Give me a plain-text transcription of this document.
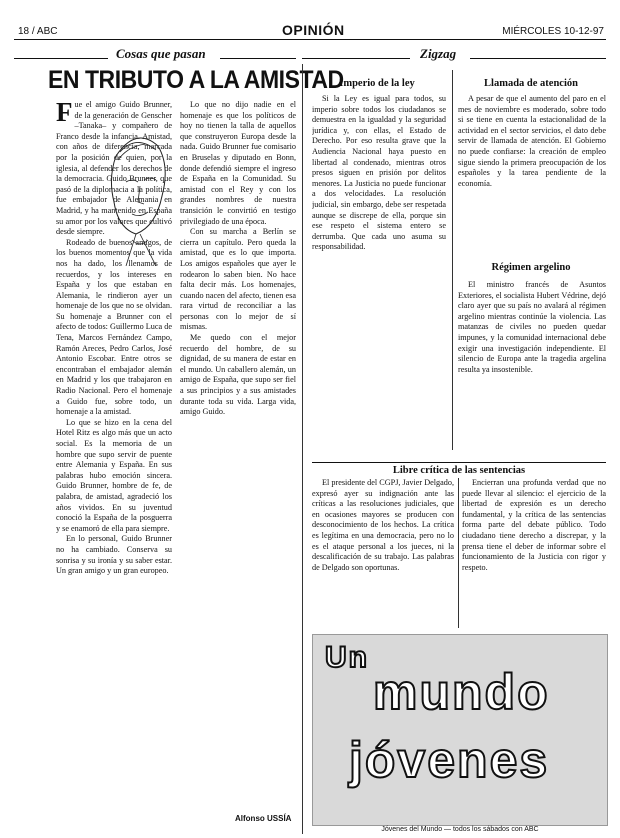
18 / ABC	OPINIÓN	MIÉRCOLES 10-12-97
Cosas que pasan
EN TRIBUTO A LA AMISTAD

Fue el amigo Guido Brunner, de la generación de Genscher –Tanaka– y compañero de Franco desde la infancia. Amistad, con años de diferencia, marcada por la posición de quien, por la iglesia, al defender los derechos de la democracia. Guido Brunner, que pasó de la diplomacia a la política, fue embajador de Alemania en Madrid, y ha mantenido en España su amor por los valores que cultivó desde siempre.

Rodeado de buenos amigos, de los buenos momentos que la vida nos ha dado, los llenamos de recuerdos, y los intereses en España y los que estaban en Alemania, le rindieron ayer un homenaje de los que no se olvidan. Su homenaje a Brunner con el afecto de todos: Guillermo Luca de Tena, Marcos Fernández Campo, Ramón Areces, Pedro Carlos, José Antonio Escobar. Entre otros se encontraban el embajador alemán en Madrid y los que trabajaron en Radio Nacional. Pero el homenaje a Guido fue, sobre todo, un homenaje a la amistad.

Lo que se hizo en la cena del Hotel Ritz es algo más que un acto social. Es la memoria de un hombre que supo servir de puente entre Alemania y España. En sus palabras hubo emoción sincera. Guido Brunner, hombre de fe, de palabra, de amistad, agradeció los años vividos. En su juventud conoció la España de la posguerra y se enamoró de ella para siempre.

En lo personal, Guido Brunner no ha cambiado. Conserva su sonrisa y su ironía y su saber estar. Un gran amigo y un gran europeo.

Lo que no dijo nadie en el homenaje es que los políticos de hoy no tienen la talla de aquellos que construyeron Europa desde la nada. Guido Brunner fue comisario en Bruselas y diputado en Bonn, donde defendió siempre el ingreso de España en la Comunidad. Su amistad con el Rey y con los grandes nombres de nuestra transición le convirtió en testigo privilegiado de una época.

Con su marcha a Berlín se cierra un capítulo. Pero queda la amistad, que es lo que importa. Los amigos españoles que ayer le rodearon lo saben bien. No hace falta decir más. Los homenajes, cuando nacen del afecto, tienen esa rara virtud de reconciliar a las personas con lo mejor de sí mismas.

Me quedo con el mejor recuerdo del hombre, de su dignidad, de su manera de estar en el mundo. Un caballero alemán, un amigo de España, que supo ser fiel a sus principios y a sus amistades durante toda su vida. Larga vida, amigo Guido.

Alfonso USSÍA
Zigzag
Imperio de la ley

Si la Ley es igual para todos, su imperio sobre todos los ciudadanos se demuestra en la igualdad y la seguridad jurídica y, con ellas, el Estado de Derecho. Por eso resulta grave que la Audiencia Nacional haya puesto en libertad al condenado, mientras otros presos siguen en prisión por delitos menores. La Justicia no puede funcionar a dos velocidades. La resolución judicial, sin embargo, debe ser respetada aunque se discrepe de ella, porque sin ese respeto el sistema entero se derrumba. Que cada uno asuma su responsabilidad.

Llamada de atención

A pesar de que el aumento del paro en el mes de noviembre es moderado, sobre todo si se tiene en cuenta la estacionalidad de la actividad en el sector servicios, el dato debe servir de llamada de atención. El Gobierno no puede confiarse: la creación de empleo sigue siendo la primera preocupación de los españoles y la tarea pendiente de la economía.

Régimen argelino

El ministro francés de Asuntos Exteriores, el socialista Hubert Védrine, dejó claro ayer que su país no avalará al régimen argelino mientras continúe la violencia. Las matanzas de civiles no pueden quedar impunes, y la comunidad internacional debe exigir una investigación independiente. El silencio de Europa ante la tragedia argelina resulta ya insostenible.

Libre crítica de las sentencias

El presidente del CGPJ, Javier Delgado, expresó ayer su indignación ante las críticas a las resoluciones judiciales, que en ocasiones mayores se producen con desconocimiento de los hechos. La crítica es legítima en una democracia, pero no lo es el ataque personal a los jueces, ni la descalificación de su trabajo. Las palabras de Delgado son oportunas.

Encierran una profunda verdad que no puede llevar al silencio: el ejercicio de la libertad de expresión es un derecho fundamental, y la crítica de las sentencias forma parte del debate público. Todo ciudadano tiene derecho a discrepar, y la prensa tiene el deber de informar sobre el funcionamiento de la Justicia con rigor y respeto.

Un
mundo
jóvenes
Jóvenes del Mundo — todos los sábados con ABC
